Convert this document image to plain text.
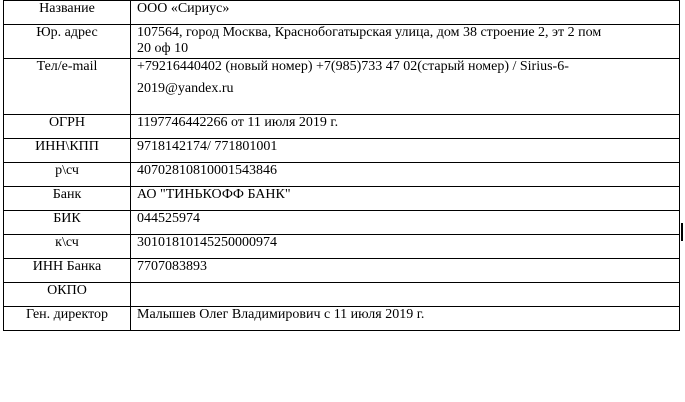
Название	ООО «Сириус»
Юр. адрес	107564, город Москва, Краснобогатырская улица, дом 38 строение 2, эт 2 пом
20 оф 10

Тел/e-mail	+79216440402 (новый номер) +7(985)733 47 02(старый номер) / Sirius-6-
2019@yandex.ru

ОГРН	1197746442266 от 11 июля 2019 г.
ИНН\КПП	9718142174/ 771801001
р\сч	40702810810001543846
Банк	АО "ТИНЬКОФФ БАНК"
БИК	044525974
к\сч	30101810145250000974
ИНН Банка	7707083893
ОКПО	
Ген. директор	Малышев Олег Владимирович с 11 июля 2019 г.
